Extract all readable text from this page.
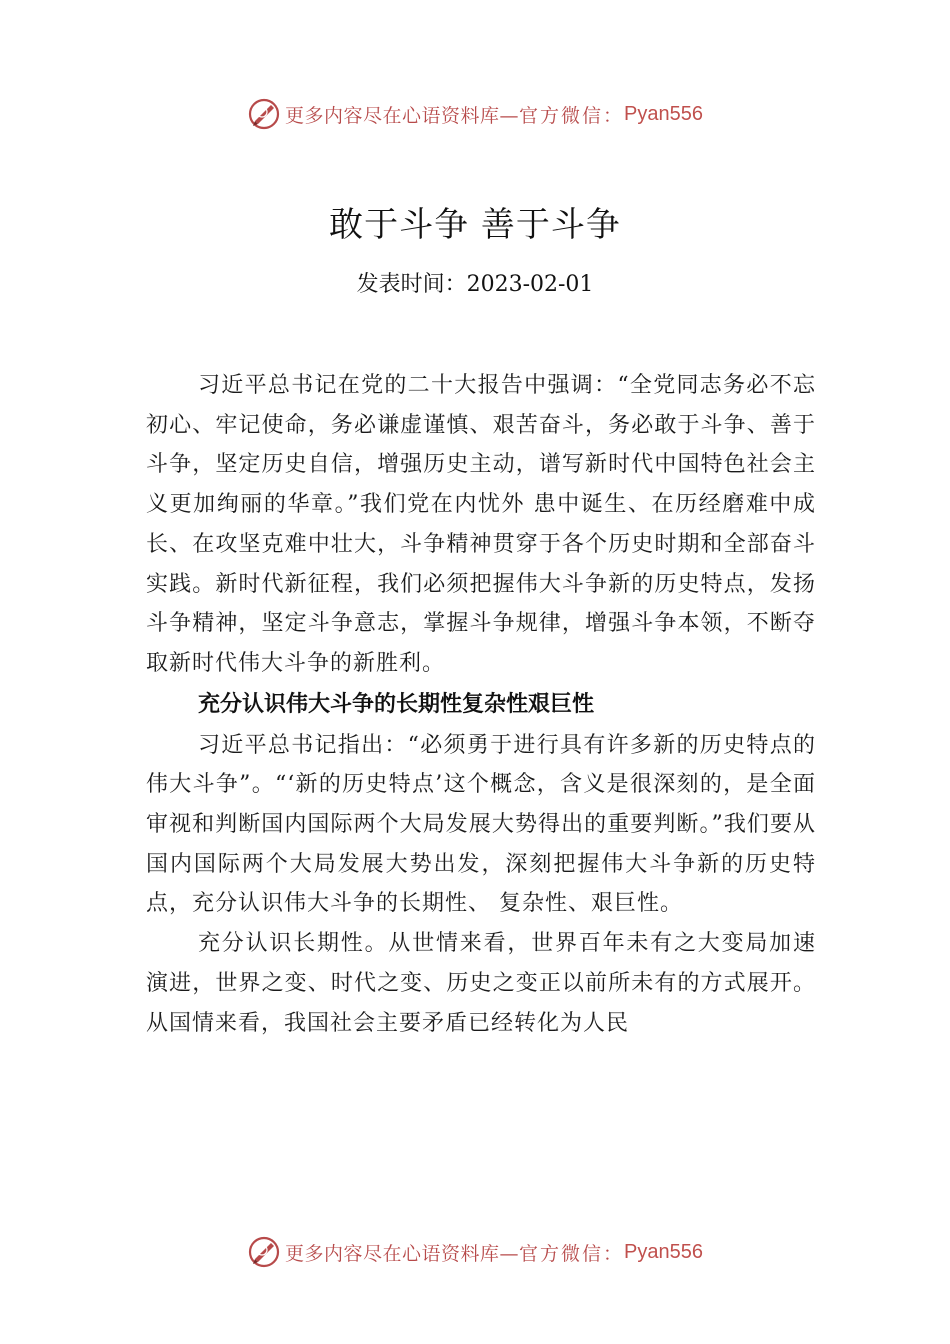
更多内容尽在心语资料库— 官方微信： Pyan556
敢于斗争 善于斗争
发表时间：2023-02-01

习近平总书记在党的二十大报告中强调：“全党同志务必不忘初心、牢记使命，务必谦虚谨慎、艰苦奋斗，务必敢于斗争、善于斗争，坚定历史自信，增强历史主动，谱写新时代中国特色社会主义更加绚丽的华章。”我们党在内忧外 患中诞生、在历经磨难中成长、在攻坚克难中壮大，斗争精神贯穿于各个历史时期和全部奋斗实践。新时代新征程，我们必须把握伟大斗争新的历史特点，发扬斗争精神，坚定斗争意志，掌握斗争规律，增强斗争本领，不断夺取新时代伟大斗争的新胜利。

充分认识伟大斗争的长期性复杂性艰巨性

习近平总书记指出：“必须勇于进行具有许多新的历史特点的伟大斗争”。“‘新的历史特点’这个概念，含义是很深刻的，是全面审视和判断国内国际两个大局发展大势得出的重要判断。”我们要从国内国际两个大局发展大势出发，深刻把握伟大斗争新的历史特点，充分认识伟大斗争的长期性、 复杂性、艰巨性。

充分认识长期性。从世情来看，世界百年未有之大变局加速演进，世界之变、时代之变、历史之变正以前所未有的方式展开。从国情来看，我国社会主要矛盾已经转化为人民

更多内容尽在心语资料库— 官方微信： Pyan556
